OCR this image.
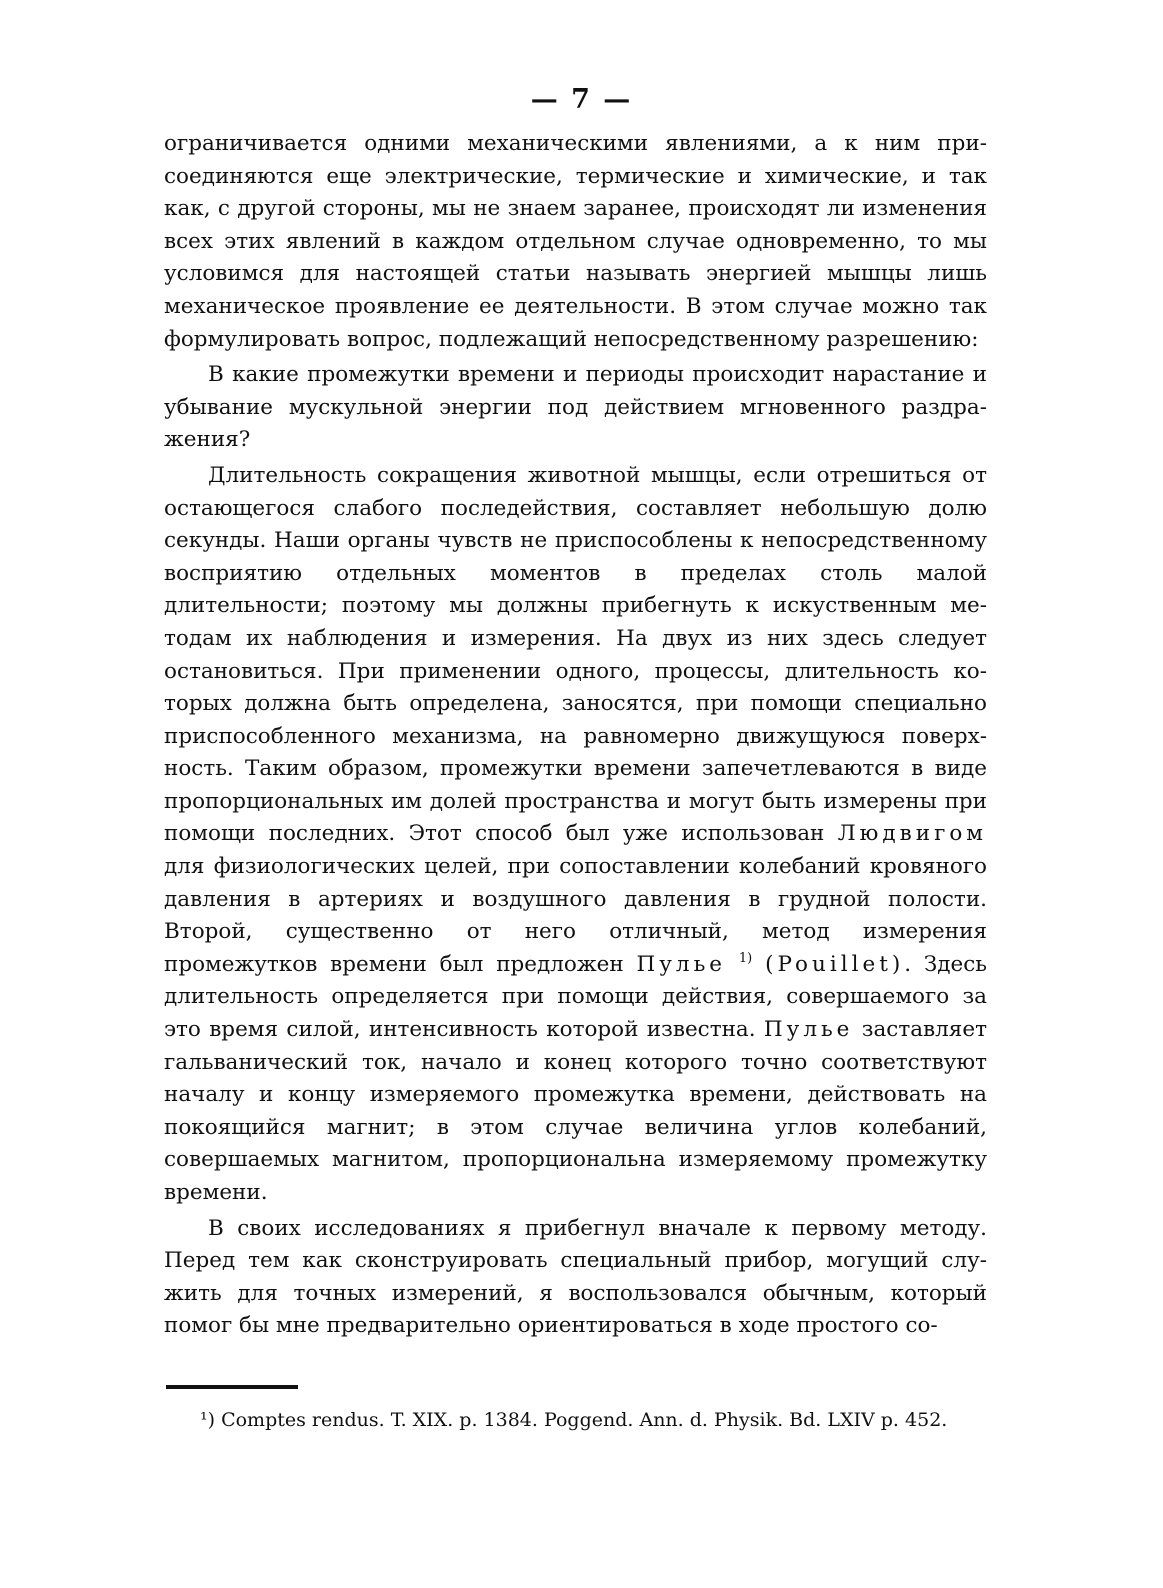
— 7 —

ограничивается одними механическими явлениями, а к ним присоединяются еще электрические, термические и химические, и так как, с другой стороны, мы не знаем заранее, происходят ли изменения всех этих явлений в каждом отдельном случае одновременно, то мы условимся для настоящей статьи называть энергией мышцы лишь механическое проявление ее деятельности. В этом случае можно так формулировать вопрос, подлежащий непосредственному разрешению:

В какие промежутки времени и периоды происходит нарастание и убывание мускульной энергии под действием мгновенного раздражения?

Длительность сокращения животной мышцы, если отрешиться от остающегося слабого последействия, составляет небольшую долю секунды. Наши органы чувств не приспособлены к непосредственному восприятию отдельных моментов в пределах столь малой длительности; поэтому мы должны прибегнуть к искуственным методам их наблюдения и измерения. На двух из них здесь следует остановиться. При применении одного, процессы, длительность которых должна быть определена, заносятся, при помощи специально приспособленного механизма, на равномерно движущуюся поверхность. Таким образом, промежутки времени запечетлеваются в виде пропорциональных им долей пространства и могут быть измерены при помощи последних. Этот способ был уже использован Людвигом для физиологических целей, при сопоставлении колебаний кровяного давления в артериях и воздушного давления в грудной полости. Второй, существенно от него отличный, метод измерения промежутков времени был предложен Пулье $^{1)}$ (Pouillet). Здесь длительность определяется при помощи действия, совершаемого за это время силой, интенсивность которой известна. Пулье заставляет гальванический ток, начало и конец которого точно соответствуют началу и концу измеряемого промежутка времени, действовать на покоящийся магнит; в этом случае величина углов колебаний, совершаемых магнитом, пропорциональна измеряемому промежутку времени.

В своих исследованиях я прибегнул вначале к первому методу. Перед тем как сконструировать специальный прибор, могущий служить для точных измерений, я воспользовался обычным, который помог бы мне предварительно ориентироваться в ходе простого со-

¹) Comptes rendus. T. XIX. p. 1384. Poggend. Ann. d. Physik. Bd. LXIV p. 452.
